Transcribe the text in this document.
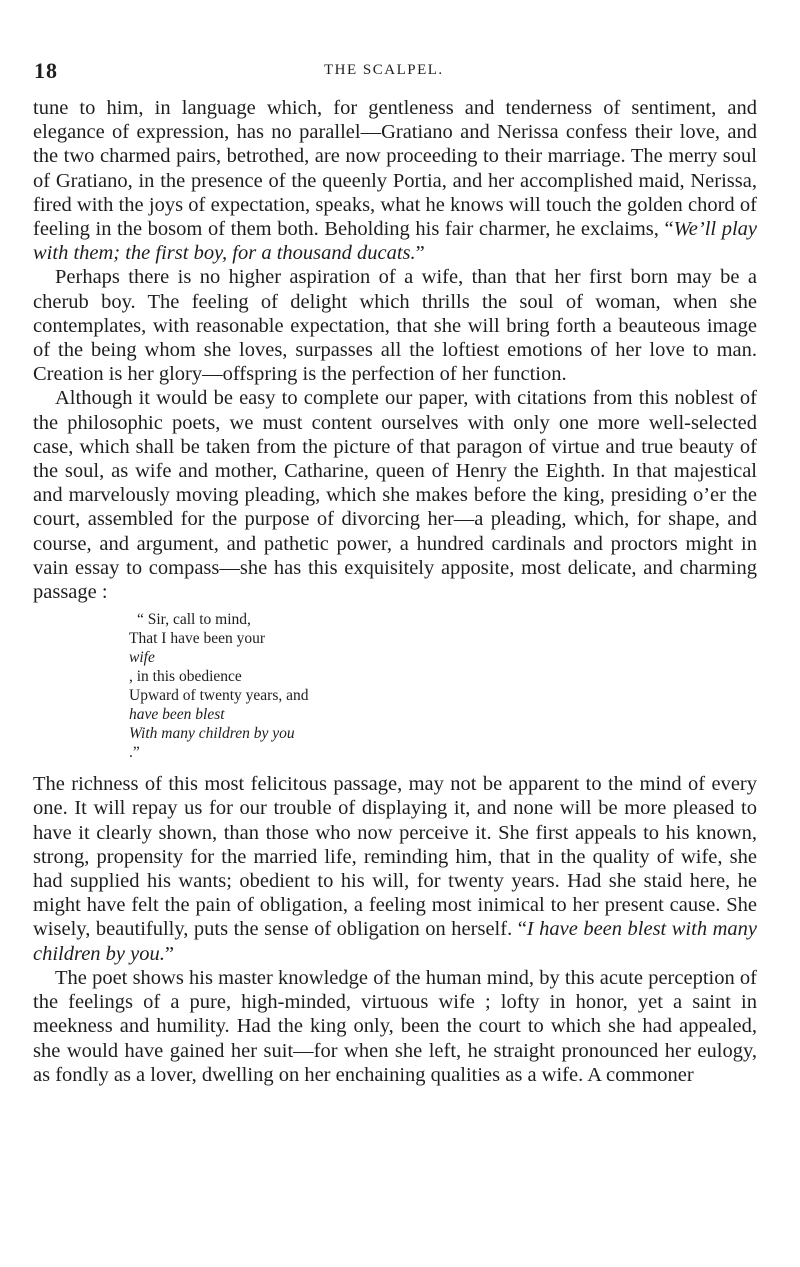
18	THE SCALPEL.

tune to him, in language which, for gentleness and tenderness of sentiment, and elegance of expression, has no parallel—Gratiano and Nerissa confess their love, and the two charmed pairs, betrothed, are now proceeding to their marriage. The merry soul of Gratiano, in the presence of the queenly Portia, and her accomplished maid, Nerissa, fired with the joys of expectation, speaks, what he knows will touch the golden chord of feeling in the bosom of them both. Beholding his fair charmer, he exclaims, “We’ll play with them; the first boy, for a thousand ducats.”

Perhaps there is no higher aspiration of a wife, than that her first born may be a cherub boy. The feeling of delight which thrills the soul of woman, when she contemplates, with reasonable expectation, that she will bring forth a beauteous image of the being whom she loves, surpasses all the loftiest emotions of her love to man. Creation is her glory—offspring is the perfection of her function.

Although it would be easy to complete our paper, with citations from this noblest of the philosophic poets, we must content ourselves with only one more well-selected case, which shall be taken from the picture of that paragon of virtue and true beauty of the soul, as wife and mother, Catharine, queen of Henry the Eighth. In that majestical and marvelously moving pleading, which she makes before the king, presiding o’er the court, assembled for the purpose of divorcing her—a pleading, which, for shape, and course, and argument, and pathetic power, a hundred cardinals and proctors might in vain essay to compass—she has this exquisitely apposite, most delicate, and charming passage :

“ Sir, call to mind,
That I have been your
wife
, in this obedience
Upward of twenty years, and
have been blest
With many children by you
.”

The richness of this most felicitous passage, may not be apparent to the mind of every one. It will repay us for our trouble of displaying it, and none will be more pleased to have it clearly shown, than those who now perceive it. She first appeals to his known, strong, propensity for the married life, reminding him, that in the quality of wife, she had supplied his wants; obedient to his will, for twenty years. Had she staid here, he might have felt the pain of obligation, a feeling most inimical to her present cause. She wisely, beautifully, puts the sense of obligation on herself. “I have been blest with many children by you.”

The poet shows his master knowledge of the human mind, by this acute perception of the feelings of a pure, high-minded, virtuous wife ; lofty in honor, yet a saint in meekness and humility. Had the king only, been the court to which she had appealed, she would have gained her suit—for when she left, he straight pronounced her eulogy, as fondly as a lover, dwelling on her enchaining qualities as a wife. A commoner
